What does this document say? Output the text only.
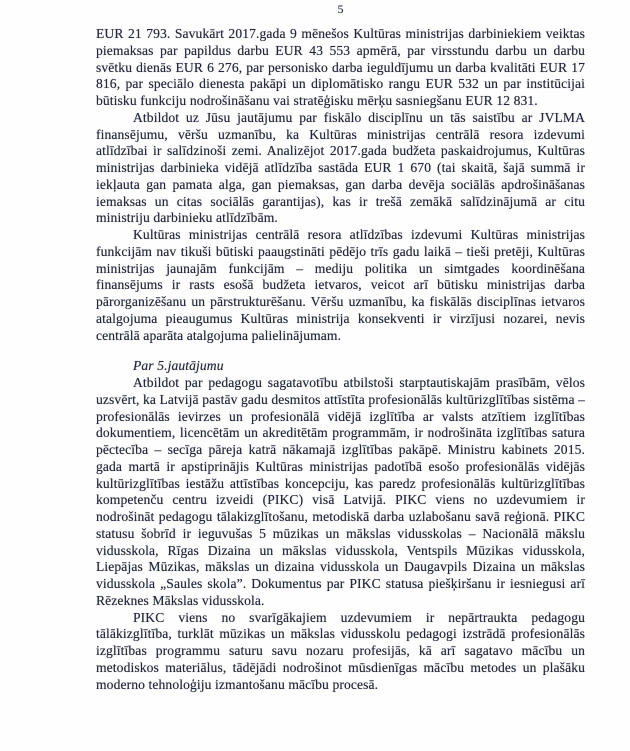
5

EUR 21 793. Savukārt 2017.gada 9 mēnešos Kultūras ministrijas darbiniekiem veiktas piemaksas par papildus darbu EUR 43 553 apmērā, par virsstundu darbu un darbu svētku dienās EUR 6 276, par personisko darba ieguldījumu un darba kvalitāti EUR 17 816, par speciālo dienesta pakāpi un diplomātisko rangu EUR 532 un par institūcijai būtisku funkciju nodrošināšanu vai stratēģisku mērķu sasniegšanu EUR 12 831.

Atbildot uz Jūsu jautājumu par fiskālo disciplīnu un tās saistību ar JVLMA finansējumu, vēršu uzmanību, ka Kultūras ministrijas centrālā resora izdevumi atlīdzībai ir salīdzinoši zemi. Analizējot 2017.gada budžeta paskaidrojumus, Kultūras ministrijas darbinieka vidējā atlīdzība sastāda EUR 1 670 (tai skaitā, šajā summā ir iekļauta gan pamata alga, gan piemaksas, gan darba devēja sociālās apdrošināšanas iemaksas un citas sociālās garantijas), kas ir trešā zemākā salīdzinājumā ar citu ministriju darbinieku atlīdzībām.

Kultūras ministrijas centrālā resora atlīdzības izdevumi Kultūras ministrijas funkcijām nav tikuši būtiski paaugstināti pēdējo trīs gadu laikā – tieši pretēji, Kultūras ministrijas jaunajām funkcijām – mediju politika un simtgades koordinēšana finansējums ir rasts esošā budžeta ietvaros, veicot arī būtisku ministrijas darba pārorganizēšanu un pārstrukturēšanu. Vēršu uzmanību, ka fiskālās disciplīnas ietvaros atalgojuma pieaugumus Kultūras ministrija konsekventi ir virzījusi nozarei, nevis centrālā aparāta atalgojuma palielinājumam.

Par 5.jautājumu

Atbildot par pedagogu sagatavotību atbilstoši starptautiskajām prasībām, vēlos uzsvērt, ka Latvijā pastāv gadu desmitos attīstīta profesionālās kultūrizglītības sistēma – profesionālās ievirzes un profesionālā vidējā izglītība ar valsts atzītiem izglītības dokumentiem, licencētām un akreditētām programmām, ir nodrošināta izglītības satura pēctecība – secīga pāreja katrā nākamajā izglītības pakāpē. Ministru kabinets 2015. gada martā ir apstiprinājis Kultūras ministrijas padotībā esošo profesionālās vidējās kultūrizglītības iestāžu attīstības koncepciju, kas paredz profesionālās kultūrizglītības kompetenču centru izveidi (PIKC) visā Latvijā. PIKC viens no uzdevumiem ir nodrošināt pedagogu tālakizglītošanu, metodiskā darba uzlabošanu savā reģionā. PIKC statusu šobrīd ir ieguvušas 5 mūzikas un mākslas vidusskolas – Nacionālā mākslu vidusskola, Rīgas Dizaina un mākslas vidusskola, Ventspils Mūzikas vidusskola, Liepājas Mūzikas, mākslas un dizaina vidusskola un Daugavpils Dizaina un mākslas vidusskola „Saules skola”. Dokumentus par PIKC statusa piešķiršanu ir iesniegusi arī Rēzeknes Mākslas vidusskola.

PIKC viens no svarīgākajiem uzdevumiem ir nepārtraukta pedagogu tālākizglītība, turklāt mūzikas un mākslas vidusskolu pedagogi izstrādā profesionālās izglītības programmu saturu savu nozaru profesijās, kā arī sagatavo mācību un metodiskos materiālus, tādējādi nodrošinot mūsdienīgas mācību metodes un plašāku moderno tehnoloģiju izmantošanu mācību procesā.
